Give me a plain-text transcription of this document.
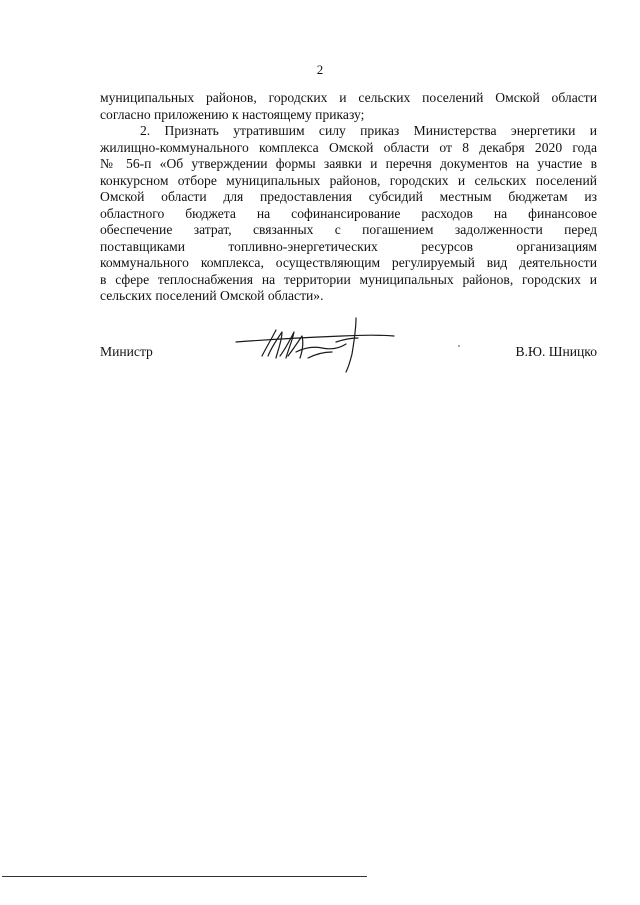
2
муниципальных районов, городских и сельских поселений Омской области
согласно приложению к настоящему приказу;
2. Признать утратившим силу приказ Министерства энергетики и
жилищно-коммунального комплекса Омской области от 8 декабря 2020 года
№ 56-п «Об утверждении формы заявки и перечня документов на участие в
конкурсном отборе муниципальных районов, городских и сельских поселений
Омской области для предоставления субсидий местным бюджетам из
областного бюджета на софинансирование расходов на финансовое
обеспечение затрат, связанных с погашением задолженности перед
поставщиками топливно-энергетических ресурсов организациям
коммунального комплекса, осуществляющим регулируемый вид деятельности
в сфере теплоснабжения на территории муниципальных районов, городских и
сельских поселений Омской области».
Министр	В.Ю. Шницко
